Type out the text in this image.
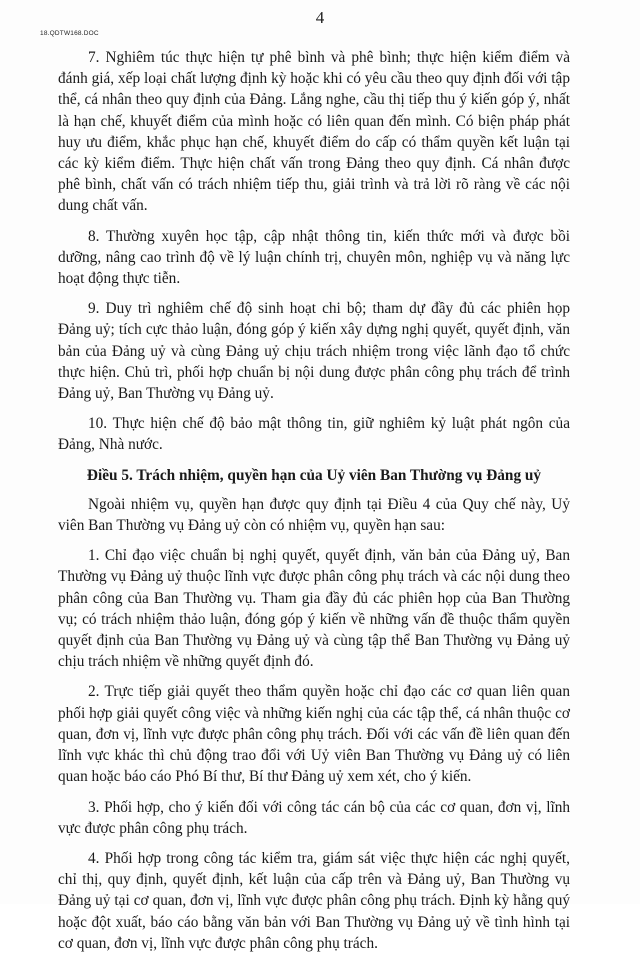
18.QDTW168.DOC
4

7. Nghiêm túc thực hiện tự phê bình và phê bình; thực hiện kiểm điểm và đánh giá, xếp loại chất lượng định kỳ hoặc khi có yêu cầu theo quy định đối với tập thể, cá nhân theo quy định của Đảng. Lắng nghe, cầu thị tiếp thu ý kiến góp ý, nhất là hạn chế, khuyết điểm của mình hoặc có liên quan đến mình. Có biện pháp phát huy ưu điểm, khắc phục hạn chế, khuyết điểm do cấp có thẩm quyền kết luận tại các kỳ kiểm điểm. Thực hiện chất vấn trong Đảng theo quy định. Cá nhân được phê bình, chất vấn có trách nhiệm tiếp thu, giải trình và trả lời rõ ràng về các nội dung chất vấn.

8. Thường xuyên học tập, cập nhật thông tin, kiến thức mới và được bồi dưỡng, nâng cao trình độ về lý luận chính trị, chuyên môn, nghiệp vụ và năng lực hoạt động thực tiễn.

9. Duy trì nghiêm chế độ sinh hoạt chi bộ; tham dự đầy đủ các phiên họp Đảng uỷ; tích cực thảo luận, đóng góp ý kiến xây dựng nghị quyết, quyết định, văn bản của Đảng uỷ và cùng Đảng uỷ chịu trách nhiệm trong việc lãnh đạo tổ chức thực hiện. Chủ trì, phối hợp chuẩn bị nội dung được phân công phụ trách để trình Đảng uỷ, Ban Thường vụ Đảng uỷ.

10. Thực hiện chế độ bảo mật thông tin, giữ nghiêm kỷ luật phát ngôn của Đảng, Nhà nước.

Điều 5. Trách nhiệm, quyền hạn của Uỷ viên Ban Thường vụ Đảng uỷ

Ngoài nhiệm vụ, quyền hạn được quy định tại Điều 4 của Quy chế này, Uỷ viên Ban Thường vụ Đảng uỷ còn có nhiệm vụ, quyền hạn sau:

1. Chỉ đạo việc chuẩn bị nghị quyết, quyết định, văn bản của Đảng uỷ, Ban Thường vụ Đảng uỷ thuộc lĩnh vực được phân công phụ trách và các nội dung theo phân công của Ban Thường vụ. Tham gia đầy đủ các phiên họp của Ban Thường vụ; có trách nhiệm thảo luận, đóng góp ý kiến về những vấn đề thuộc thẩm quyền quyết định của Ban Thường vụ Đảng uỷ và cùng tập thể Ban Thường vụ Đảng uỷ chịu trách nhiệm về những quyết định đó.

2. Trực tiếp giải quyết theo thẩm quyền hoặc chỉ đạo các cơ quan liên quan phối hợp giải quyết công việc và những kiến nghị của các tập thể, cá nhân thuộc cơ quan, đơn vị, lĩnh vực được phân công phụ trách. Đối với các vấn đề liên quan đến lĩnh vực khác thì chủ động trao đổi với Uỷ viên Ban Thường vụ Đảng uỷ có liên quan hoặc báo cáo Phó Bí thư, Bí thư Đảng uỷ xem xét, cho ý kiến.

3. Phối hợp, cho ý kiến đối với công tác cán bộ của các cơ quan, đơn vị, lĩnh vực được phân công phụ trách.

4. Phối hợp trong công tác kiểm tra, giám sát việc thực hiện các nghị quyết, chỉ thị, quy định, quyết định, kết luận của cấp trên và Đảng uỷ, Ban Thường vụ Đảng uỷ tại cơ quan, đơn vị, lĩnh vực được phân công phụ trách. Định kỳ hằng quý hoặc đột xuất, báo cáo bằng văn bản với Ban Thường vụ Đảng uỷ về tình hình tại cơ quan, đơn vị, lĩnh vực được phân công phụ trách.
